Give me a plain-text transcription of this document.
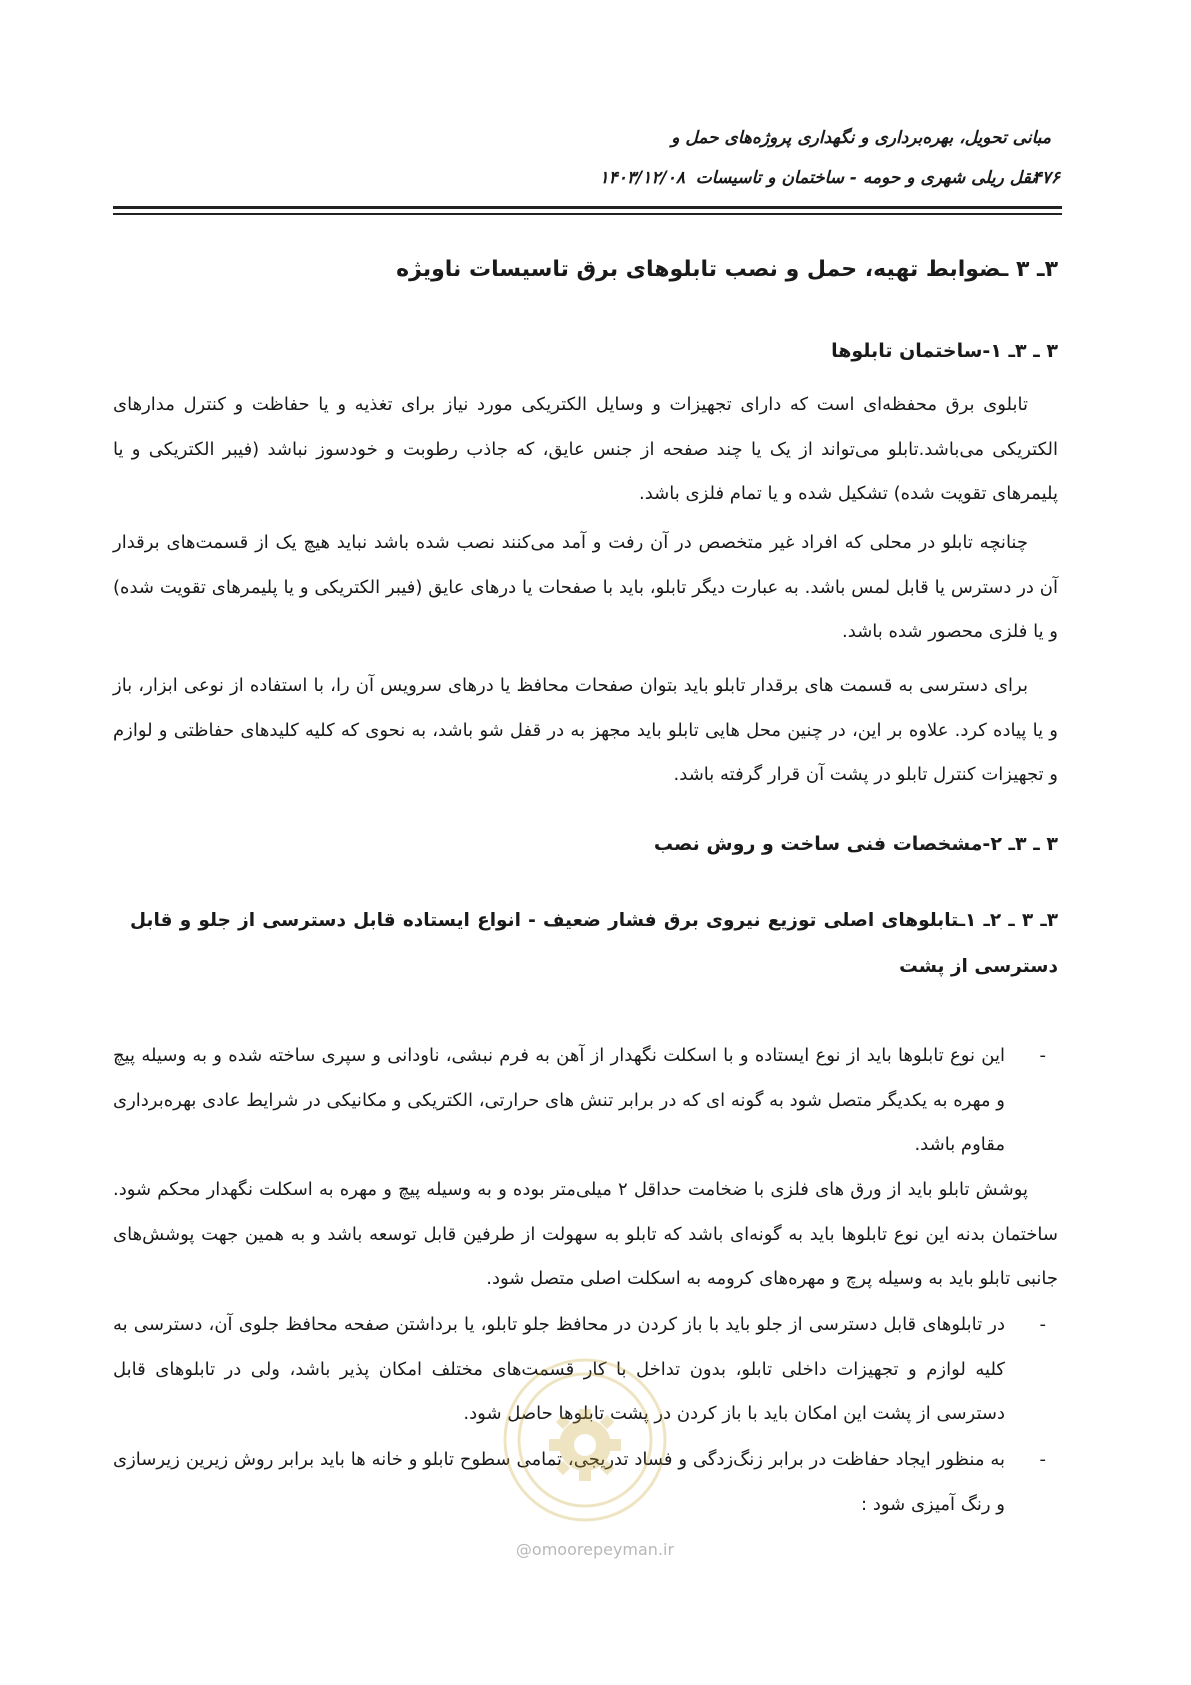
مبانی تحویل، بهره‌برداری و نگهداری پروژه‌های حمل و
نقل ریلی شهری و حومه - ساختمان و تاسیسات
۱۴۰۳/۱۲/۰۸	۴۷۶
۳ـ ۳ ـضوابط تهیه، حمل و نصب تابلوهای برق تاسیسات ناویژه
۳ ـ ۳ـ ۱-ساختمان تابلوها
تابلوی برق محفظه‌ای است که دارای تجهیزات و وسایل الکتریکی مورد نیاز برای تغذیه و یا حفاظت و کنترل مدارهای الکتریکی می‌باشد.تابلو می‌تواند از یک یا چند صفحه از جنس عایق، که جاذب رطوبت و خودسوز نباشد (فیبر الکتریکی و یا پلیمرهای تقویت شده) تشکیل شده و یا تمام فلزی باشد.
چنانچه تابلو در محلی که افراد غیر متخصص در آن رفت و آمد می‌کنند نصب شده باشد نباید هیچ یک از قسمت‌های برقدار آن در دسترس یا قابل لمس باشد. به عبارت دیگر تابلو، باید با صفحات یا درهای عایق (فیبر الکتریکی و یا پلیمرهای تقویت شده) و یا فلزی محصور شده باشد.
برای دسترسی به قسمت های برقدار تابلو باید بتوان صفحات محافظ یا درهای سرویس آن را، با استفاده از نوعی ابزار، باز و یا پیاده کرد. علاوه بر این، در چنین محل هایی تابلو باید مجهز به در قفل شو باشد، به نحوی که کلیه کلیدهای حفاظتی و لوازم و تجهیزات کنترل تابلو در پشت آن قرار گرفته باشد.
۳ ـ ۳ـ ۲-مشخصات فنی ساخت و روش نصب
۳ـ ۳ ـ ۲ـ ۱ـتابلوهای اصلی توزیع نیروی برق فشار ضعیف - انواع ایستاده قابل دسترسی از جلو و قابل دسترسی از پشت
-
این نوع تابلوها باید از نوع ایستاده و با اسکلت نگهدار از آهن به فرم نبشی، ناودانی و سپری ساخته شده و به وسیله پیچ و مهره به یکدیگر متصل شود به گونه ای که در برابر تنش های حرارتی، الکتریکی و مکانیکی در شرایط عادی بهره‌برداری مقاوم باشد.
پوشش تابلو باید از ورق های فلزی با ضخامت حداقل ۲ میلی‌متر بوده و به وسیله پیچ و مهره به اسکلت نگهدار محکم شود. ساختمان بدنه این نوع تابلوها باید به گونه‌ای باشد که تابلو به سهولت از طرفین قابل توسعه باشد و به همین جهت پوشش‌های جانبی تابلو باید به وسیله پرچ و مهره‌های کرومه به اسکلت اصلی متصل شود.
-
در تابلوهای قابل دسترسی از جلو باید با باز کردن در محافظ جلو تابلو، یا برداشتن صفحه محافظ جلوی آن، دسترسی به کلیه لوازم و تجهیزات داخلی تابلو، بدون تداخل با کار قسمت‌های مختلف امکان پذیر باشد، ولی در تابلوهای قابل دسترسی از پشت این امکان باید با باز کردن در پشت تابلوها حاصل شود.
-
به منظور ایجاد حفاظت در برابر زنگ‌زدگی و فساد تدریجی، تمامی سطوح تابلو و خانه ها باید برابر روش زیرین زیرسازی و رنگ آمیزی شود :
@omoorepeyman.ir
